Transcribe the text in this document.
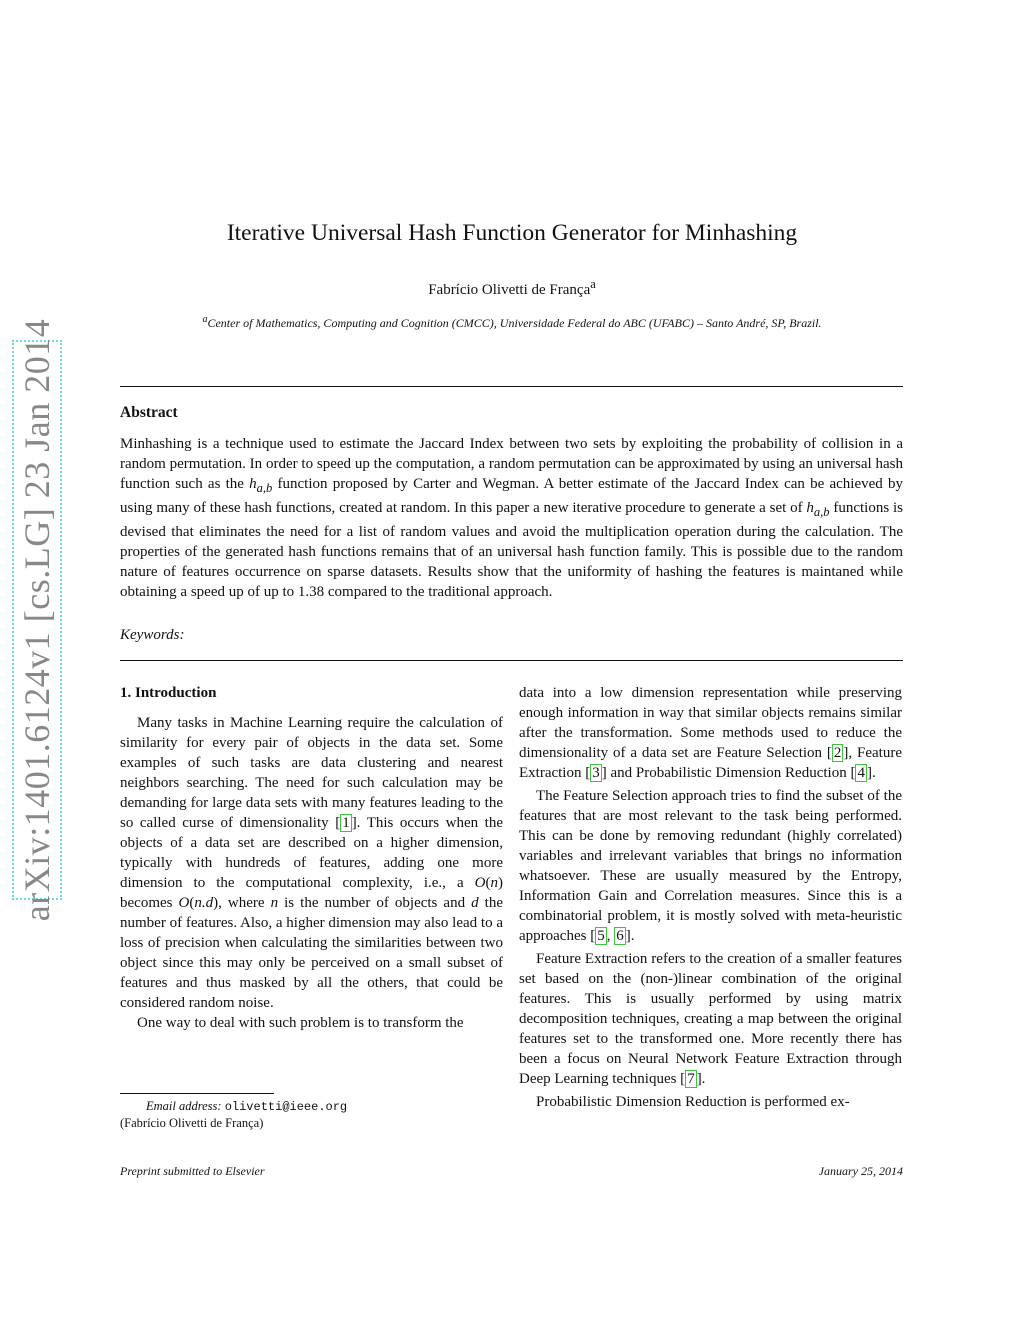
arXiv:1401.6124v1 [cs.LG] 23 Jan 2014
Iterative Universal Hash Function Generator for Minhashing
Fabrício Olivetti de França$^a$
$^a$Center of Mathematics, Computing and Cognition (CMCC), Universidade Federal do ABC (UFABC) – Santo André, SP, Brazil.
Abstract
Minhashing is a technique used to estimate the Jaccard Index between two sets by exploiting the probability of collision in a random permutation. In order to speed up the computation, a random permutation can be approximated by using an universal hash function such as the $h_{a,b}$ function proposed by Carter and Wegman. A better estimate of the Jaccard Index can be achieved by using many of these hash functions, created at random. In this paper a new iterative procedure to generate a set of $h_{a,b}$ functions is devised that eliminates the need for a list of random values and avoid the multiplication operation during the calculation. The properties of the generated hash functions remains that of an universal hash function family. This is possible due to the random nature of features occurrence on sparse datasets. Results show that the uniformity of hashing the features is maintaned while obtaining a speed up of up to 1.38 compared to the traditional approach.
Keywords:

1. Introduction

Many tasks in Machine Learning require the calculation of similarity for every pair of objects in the data set. Some examples of such tasks are data clustering and nearest neighbors searching. The need for such calculation may be demanding for large data sets with many features leading to the so called curse of dimensionality [ 1 ]. This occurs when the objects of a data set are described on a higher dimension, typically with hundreds of features, adding one more dimension to the computational complexity, i.e., a O(n) becomes O(n.d), where n is the number of objects and d the number of features. Also, a higher dimension may also lead to a loss of precision when calculating the similarities between two object since this may only be perceived on a small subset of features and thus masked by all the others, that could be considered random noise.

One way to deal with such problem is to transform the

data into a low dimension representation while preserving enough information in way that similar objects remains similar after the transformation. Some methods used to reduce the dimensionality of a data set are Feature Selection [ 2 ], Feature Extraction [ 3 ] and Probabilistic Dimension Reduction [ 4 ].

The Feature Selection approach tries to find the subset of the features that are most relevant to the task being performed. This can be done by removing redundant (highly correlated) variables and irrelevant variables that brings no information whatsoever. These are usually measured by the Entropy, Information Gain and Correlation measures. Since this is a combinatorial problem, it is mostly solved with meta-heuristic approaches [ 5 , 6 ].

Feature Extraction refers to the creation of a smaller features set based on the (non-)linear combination of the original features. This is usually performed by using matrix decomposition techniques, creating a map between the original features set to the transformed one. More recently there has been a focus on Neural Network Feature Extraction through Deep Learning techniques [ 7 ].

Probabilistic Dimension Reduction is performed ex-

Email address: olivetti@ieee.org
(Fabrício Olivetti de França)
Preprint submitted to Elsevier	January 25, 2014
